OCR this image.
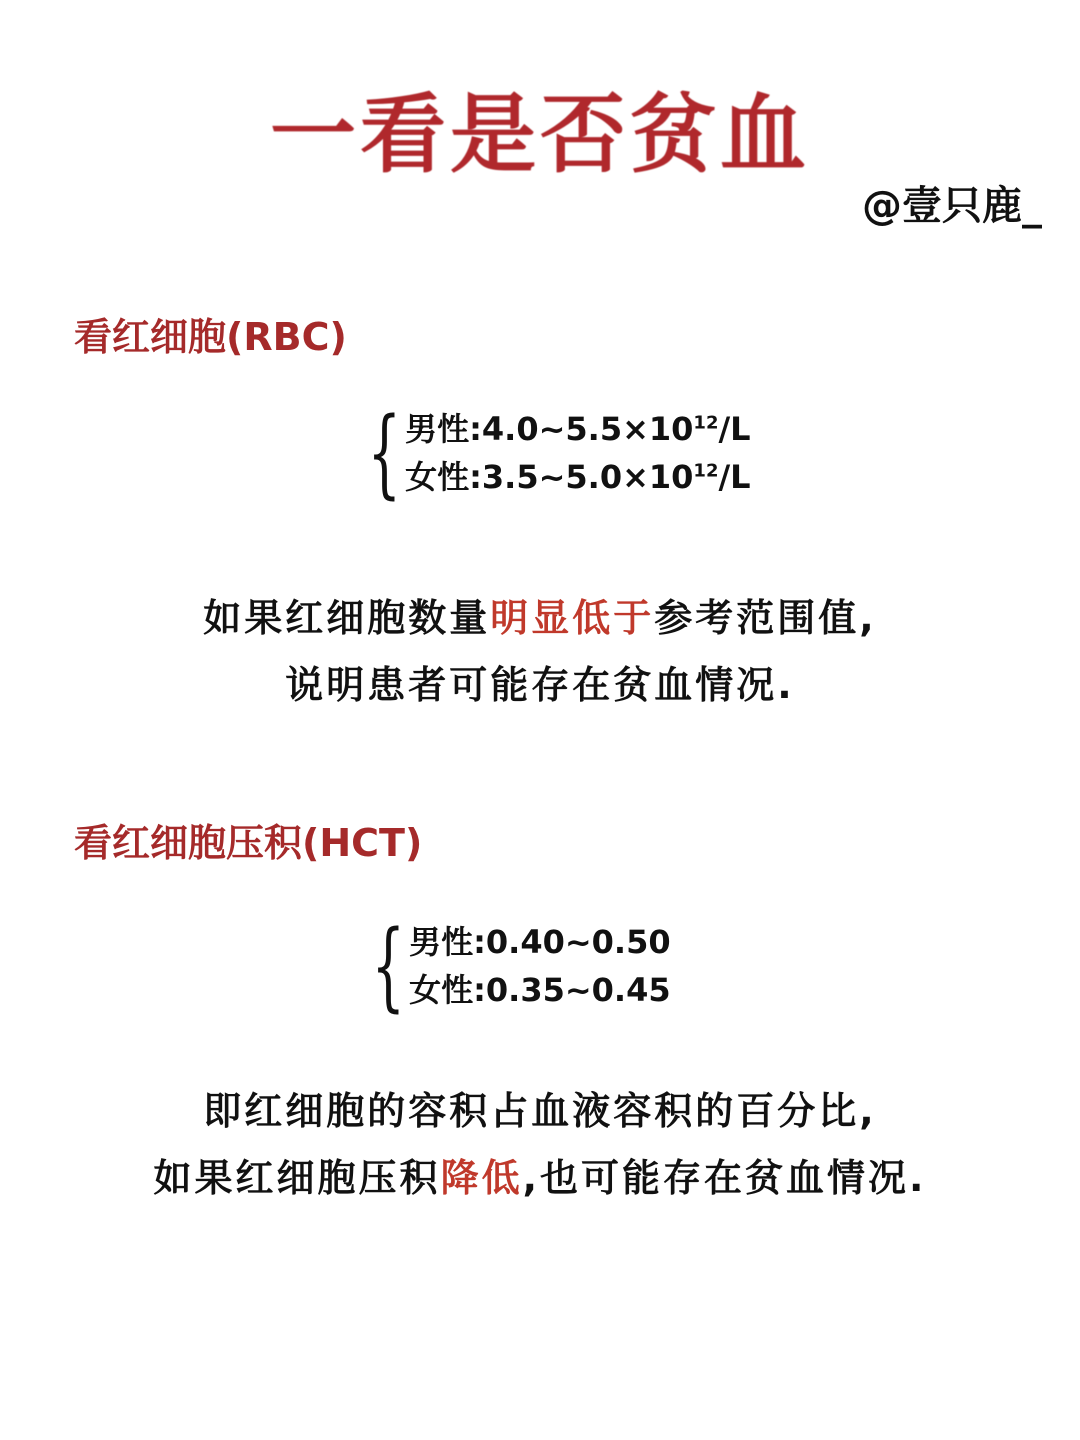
一看是否贫血
@壹只鹿_
看红细胞(RBC)
{ 男性$:4.0\sim 5.5\times 10^{12}/L$
女性$:3.5\sim 5.0\times 10^{12}/L$
如果红细胞数量明显低于参考范围值,
说明患者可能存在贫血情况.
看红细胞压积(HCT)
{ 男性:0.40~0.50
女性:0.35~0.45
即红细胞的容积占血液容积的百分比,
如果红细胞压积降低,也可能存在贫血情况.
